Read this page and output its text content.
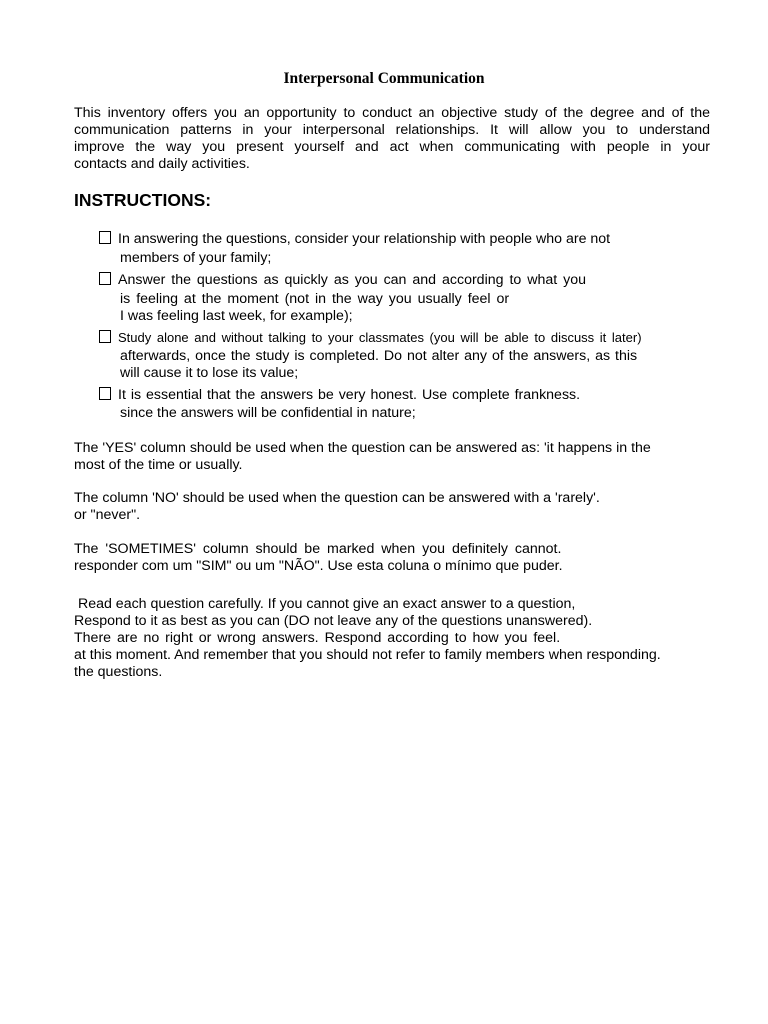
Interpersonal Communication

This inventory offers you an opportunity to conduct an objective study of the degree and of the

communication patterns in your interpersonal relationships. It will allow you to understand

improve the way you present yourself and act when communicating with people in your

contacts and daily activities.

INSTRUCTIONS:

In answering the questions, consider your relationship with people who are not

members of your family;

Answer the questions as quickly as you can and according to what you

is feeling at the moment (not in the way you usually feel or

I was feeling last week, for example);

Study alone and without talking to your classmates (you will be able to discuss it later)

afterwards, once the study is completed. Do not alter any of the answers, as this

will cause it to lose its value;

It is essential that the answers be very honest. Use complete frankness.

since the answers will be confidential in nature;

The 'YES' column should be used when the question can be answered as: 'it happens in the

most of the time or usually.

The column 'NO' should be used when the question can be answered with a 'rarely'.

or "never".

The 'SOMETIMES' column should be marked when you definitely cannot.

responder com um "SIM" ou um "NÃO". Use esta coluna o mínimo que puder.

Read each question carefully. If you cannot give an exact answer to a question,

Respond to it as best as you can (DO not leave any of the questions unanswered).

There are no right or wrong answers. Respond according to how you feel.

at this moment. And remember that you should not refer to family members when responding.

the questions.
